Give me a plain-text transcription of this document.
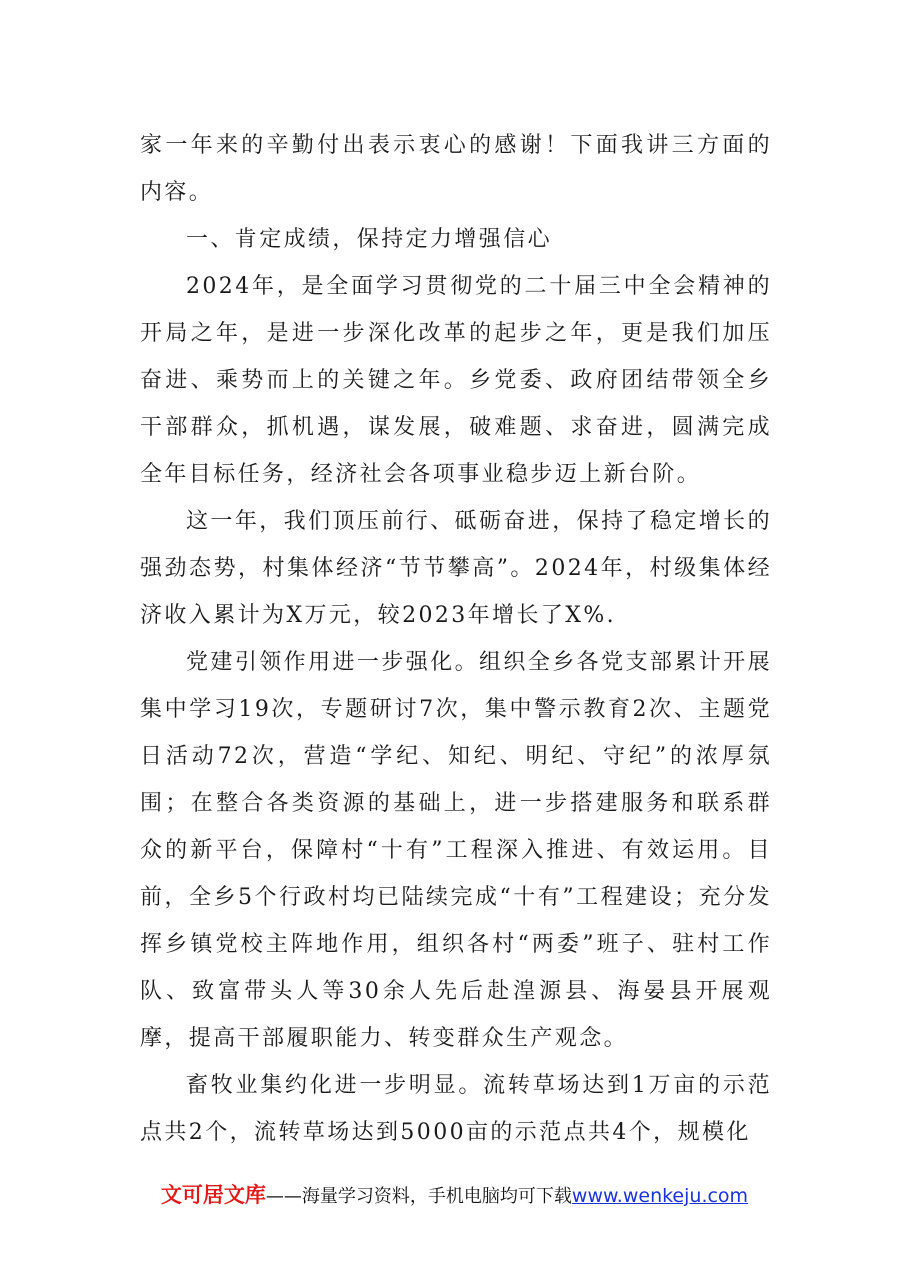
家一年来的辛勤付出表示衷心的感谢！下面我讲三方面的内容。

一、肯定成绩，保持定力增强信心

2024年，是全面学习贯彻党的二十届三中全会精神的开局之年，是进一步深化改革的起步之年，更是我们加压奋进、乘势而上的关键之年。乡党委、政府团结带领全乡干部群众，抓机遇，谋发展，破难题、求奋进，圆满完成全年目标任务，经济社会各项事业稳步迈上新台阶。

这一年，我们顶压前行、砥砺奋进，保持了稳定增长的强劲态势，村集体经济“节节攀高”。2024年，村级集体经济收入累计为X万元，较2023年增长了X%.

党建引领作用进一步强化。组织全乡各党支部累计开展集中学习19次，专题研讨7次，集中警示教育2次、主题党日活动72次，营造“学纪、知纪、明纪、守纪”的浓厚氛围；在整合各类资源的基础上，进一步搭建服务和联系群众的新平台，保障村“十有”工程深入推进、有效运用。目前，全乡5个行政村均已陆续完成“十有”工程建设；充分发挥乡镇党校主阵地作用，组织各村“两委”班子、驻村工作队、致富带头人等30余人先后赴湟源县、海晏县开展观摩，提高干部履职能力、转变群众生产观念。

畜牧业集约化进一步明显。流转草场达到1万亩的示范点共2个，流转草场达到5000亩的示范点共4个，规模化

文可居文库——海量学习资料，手机电脑均可下载www.wenkeju.com
